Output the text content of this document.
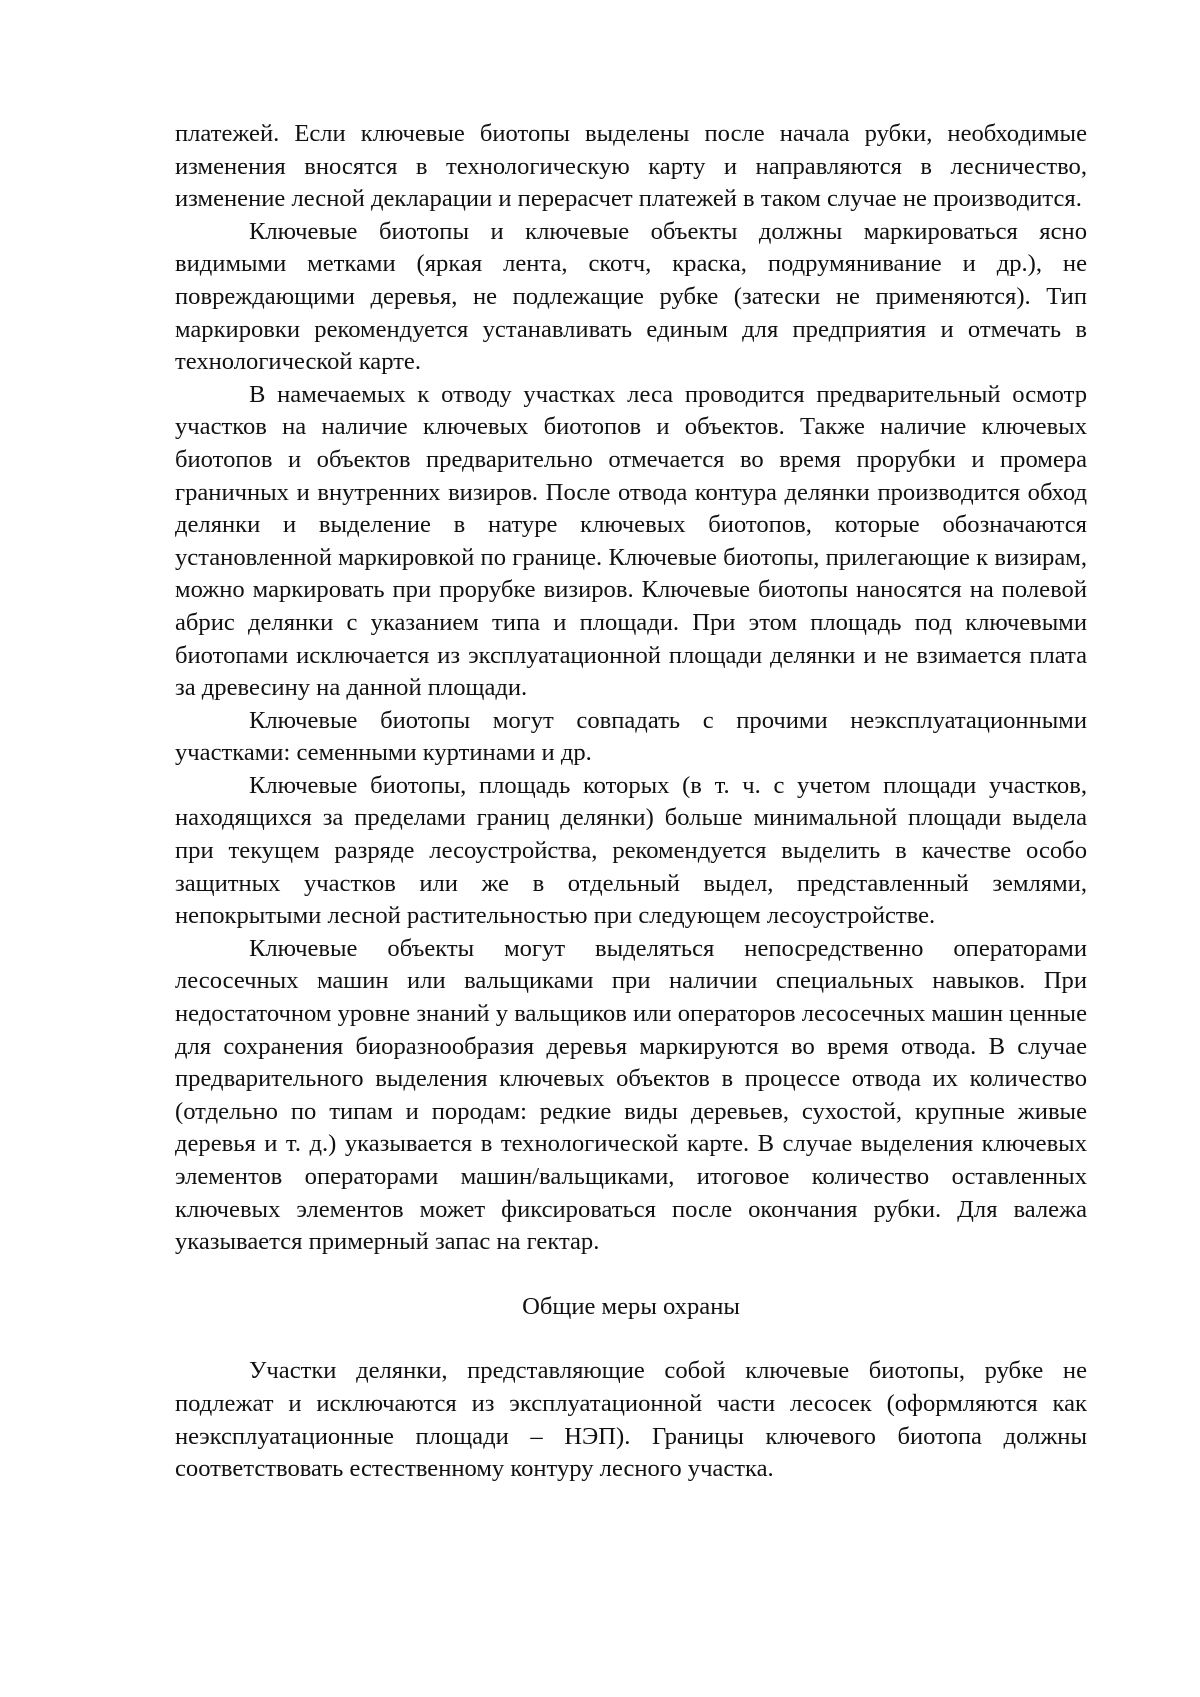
платежей. Если ключевые биотопы выделены после начала рубки, необходимые изменения вносятся в технологическую карту и направляются в лесничество, изменение лесной декларации и перерасчет платежей в таком случае не производится.

Ключевые биотопы и ключевые объекты должны маркироваться ясно видимыми метками (яркая лента, скотч, краска, подрумянивание и др.), не повреждающими деревья, не подлежащие рубке (затески не применяются). Тип маркировки рекомендуется устанавливать единым для предприятия и отмечать в технологической карте.

В намечаемых к отводу участках леса проводится предварительный осмотр участков на наличие ключевых биотопов и объектов. Также наличие ключевых биотопов и объектов предварительно отмечается во время прорубки и промера граничных и внутренних визиров. После отвода контура делянки производится обход делянки и выделение в натуре ключевых биотопов, которые обозначаются установленной маркировкой по границе. Ключевые биотопы, прилегающие к визирам, можно маркировать при прорубке визиров. Ключевые биотопы наносятся на полевой абрис делянки с указанием типа и площади. При этом площадь под ключевыми биотопами исключается из эксплуатационной площади делянки и не взимается плата за древесину на данной площади.

Ключевые биотопы могут совпадать с прочими неэксплуатационными участками: семенными куртинами и др.

Ключевые биотопы, площадь которых (в т. ч. с учетом площади участков, находящихся за пределами границ делянки) больше минимальной площади выдела при текущем разряде лесоустройства, рекомендуется выделить в качестве особо защитных участков или же в отдельный выдел, представленный землями, непокрытыми лесной растительностью при следующем лесоустройстве.

Ключевые объекты могут выделяться непосредственно операторами лесосечных машин или вальщиками при наличии специальных навыков. При недостаточном уровне знаний у вальщиков или операторов лесосечных машин ценные для сохранения биоразнообразия деревья маркируются во время отвода. В случае предварительного выделения ключевых объектов в процессе отвода их количество (отдельно по типам и породам: редкие виды деревьев, сухостой, крупные живые деревья и т. д.) указывается в технологической карте. В случае выделения ключевых элементов операторами машин/вальщиками, итоговое количество оставленных ключевых элементов может фиксироваться после окончания рубки. Для валежа указывается примерный запас на гектар.

Общие меры охраны

Участки делянки, представляющие собой ключевые биотопы, рубке не подлежат и исключаются из эксплуатационной части лесосек (оформляются как неэксплуатационные площади – НЭП). Границы ключевого биотопа должны соответствовать естественному контуру лесного участка.
